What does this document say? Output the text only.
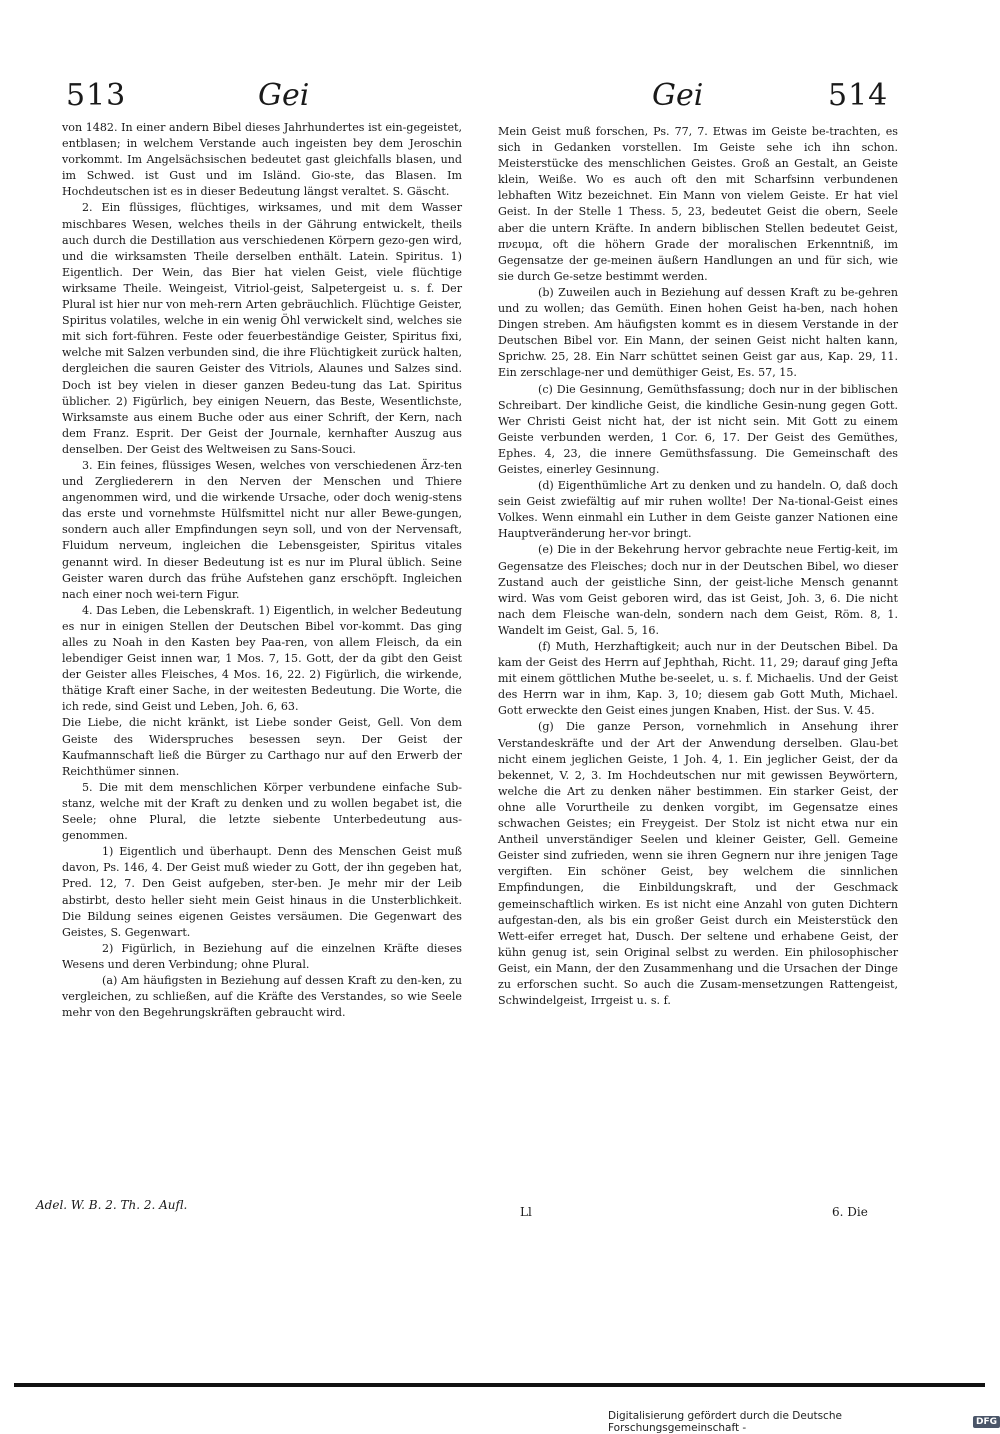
513	Gei	Gei	514

von 1482. In einer andern Bibel dieses Jahrhundertes ist ein-gegeistet, entblasen; in welchem Verstande auch ingeisten bey dem Jeroschin vorkommt. Im Angelsächsischen bedeutet gast gleichfalls blasen, und im Schwed. ist Gust und im Isländ. Gio-ste, das Blasen. Im Hochdeutschen ist es in dieser Bedeutung längst veraltet. S. Gäscht.

2. Ein flüssiges, flüchtiges, wirksames, und mit dem Wasser mischbares Wesen, welches theils in der Gährung entwickelt, theils auch durch die Destillation aus verschiedenen Körpern gezo-gen wird, und die wirksamsten Theile derselben enthält. Latein. Spiritus. 1) Eigentlich. Der Wein, das Bier hat vielen Geist, viele flüchtige wirksame Theile. Weingeist, Vitriol-geist, Salpetergeist u. s. f. Der Plural ist hier nur von meh-rern Arten gebräuchlich. Flüchtige Geister, Spiritus volatiles, welche in ein wenig Öhl verwickelt sind, welches sie mit sich fort-führen. Feste oder feuerbeständige Geister, Spiritus fixi, welche mit Salzen verbunden sind, die ihre Flüchtigkeit zurück halten, dergleichen die sauren Geister des Vitriols, Alaunes und Salzes sind. Doch ist bey vielen in dieser ganzen Bedeu-tung das Lat. Spiritus üblicher. 2) Figürlich, bey einigen Neuern, das Beste, Wesentlichste, Wirksamste aus einem Buche oder aus einer Schrift, der Kern, nach dem Franz. Esprit. Der Geist der Journale, kernhafter Auszug aus denselben. Der Geist des Weltweisen zu Sans-Souci.

3. Ein feines, flüssiges Wesen, welches von verschiedenen Ärz-ten und Zergliederern in den Nerven der Menschen und Thiere angenommen wird, und die wirkende Ursache, oder doch wenig-stens das erste und vornehmste Hülfsmittel nicht nur aller Bewe-gungen, sondern auch aller Empfindungen seyn soll, und von der Nervensaft, Fluidum nerveum, ingleichen die Lebensgeister, Spiritus vitales genannt wird. In dieser Bedeutung ist es nur im Plural üblich. Seine Geister waren durch das frühe Aufstehen ganz erschöpft. Ingleichen nach einer noch wei-tern Figur.

4. Das Leben, die Lebenskraft. 1) Eigentlich, in welcher Bedeutung es nur in einigen Stellen der Deutschen Bibel vor-kommt. Das ging alles zu Noah in den Kasten bey Paa-ren, von allem Fleisch, da ein lebendiger Geist innen war, 1 Mos. 7, 15. Gott, der da gibt den Geist der Geister alles Fleisches, 4 Mos. 16, 22. 2) Figürlich, die wirkende, thätige Kraft einer Sache, in der weitesten Bedeutung. Die Worte, die ich rede, sind Geist und Leben, Joh. 6, 63.

Die Liebe, die nicht kränkt, ist Liebe sonder Geist, Gell. Von dem Geiste des Widerspruches besessen seyn. Der Geist der Kaufmannschaft ließ die Bürger zu Carthago nur auf den Erwerb der Reichthümer sinnen.

5. Die mit dem menschlichen Körper verbundene einfache Sub-stanz, welche mit der Kraft zu denken und zu wollen begabet ist, die Seele; ohne Plural, die letzte siebente Unterbedeutung aus-genommen.

1) Eigentlich und überhaupt. Denn des Menschen Geist muß davon, Ps. 146, 4. Der Geist muß wieder zu Gott, der ihn gegeben hat, Pred. 12, 7. Den Geist aufgeben, ster-ben. Je mehr mir der Leib abstirbt, desto heller sieht mein Geist hinaus in die Unsterblichkeit. Die Bildung seines eigenen Geistes versäumen. Die Gegenwart des Geistes, S. Gegenwart.

2) Figürlich, in Beziehung auf die einzelnen Kräfte dieses Wesens und deren Verbindung; ohne Plural.

(a) Am häufigsten in Beziehung auf dessen Kraft zu den-ken, zu vergleichen, zu schließen, auf die Kräfte des Verstandes, so wie Seele mehr von den Begehrungskräften gebraucht wird.

Mein Geist muß forschen, Ps. 77, 7. Etwas im Geiste be-trachten, es sich in Gedanken vorstellen. Im Geiste sehe ich ihn schon. Meisterstücke des menschlichen Geistes. Groß an Gestalt, an Geiste klein, Weiße. Wo es auch oft den mit Scharfsinn verbundenen lebhaften Witz bezeichnet. Ein Mann von vielem Geiste. Er hat viel Geist. In der Stelle 1 Thess. 5, 23, bedeutet Geist die obern, Seele aber die untern Kräfte. In andern biblischen Stellen bedeutet Geist, πνευμα, oft die höhern Grade der moralischen Erkenntniß, im Gegensatze der ge-meinen äußern Handlungen an und für sich, wie sie durch Ge-setze bestimmt werden.

(b) Zuweilen auch in Beziehung auf dessen Kraft zu be-gehren und zu wollen; das Gemüth. Einen hohen Geist ha-ben, nach hohen Dingen streben. Am häufigsten kommt es in diesem Verstande in der Deutschen Bibel vor. Ein Mann, der seinen Geist nicht halten kann, Sprichw. 25, 28. Ein Narr schüttet seinen Geist gar aus, Kap. 29, 11. Ein zerschlage-ner und demüthiger Geist, Es. 57, 15.

(c) Die Gesinnung, Gemüthsfassung; doch nur in der biblischen Schreibart. Der kindliche Geist, die kindliche Gesin-nung gegen Gott. Wer Christi Geist nicht hat, der ist nicht sein. Mit Gott zu einem Geiste verbunden werden, 1 Cor. 6, 17. Der Geist des Gemüthes, Ephes. 4, 23, die innere Gemüthsfassung. Die Gemeinschaft des Geistes, einerley Gesinnung.

(d) Eigenthümliche Art zu denken und zu handeln. O, daß doch sein Geist zwiefältig auf mir ruhen wollte! Der Na-tional-Geist eines Volkes. Wenn einmahl ein Luther in dem Geiste ganzer Nationen eine Hauptveränderung her-vor bringt.

(e) Die in der Bekehrung hervor gebrachte neue Fertig-keit, im Gegensatze des Fleisches; doch nur in der Deutschen Bibel, wo dieser Zustand auch der geistliche Sinn, der geist-liche Mensch genannt wird. Was vom Geist geboren wird, das ist Geist, Joh. 3, 6. Die nicht nach dem Fleische wan-deln, sondern nach dem Geist, Röm. 8, 1. Wandelt im Geist, Gal. 5, 16.

(f) Muth, Herzhaftigkeit; auch nur in der Deutschen Bibel. Da kam der Geist des Herrn auf Jephthah, Richt. 11, 29; darauf ging Jefta mit einem göttlichen Muthe be-seelet, u. s. f. Michaelis. Und der Geist des Herrn war in ihm, Kap. 3, 10; diesem gab Gott Muth, Michael. Gott erweckte den Geist eines jungen Knaben, Hist. der Sus. V. 45.

(g) Die ganze Person, vornehmlich in Ansehung ihrer Verstandeskräfte und der Art der Anwendung derselben. Glau-bet nicht einem jeglichen Geiste, 1 Joh. 4, 1. Ein jeglicher Geist, der da bekennet, V. 2, 3. Im Hochdeutschen nur mit gewissen Beywörtern, welche die Art zu denken näher bestimmen. Ein starker Geist, der ohne alle Vorurtheile zu denken vorgibt, im Gegensatze eines schwachen Geistes; ein Freygeist. Der Stolz ist nicht etwa nur ein Antheil unverständiger Seelen und kleiner Geister, Gell. Gemeine Geister sind zufrieden, wenn sie ihren Gegnern nur ihre jenigen Tage vergiften. Ein schöner Geist, bey welchem die sinnlichen Empfindungen, die Einbildungskraft, und der Geschmack gemeinschaftlich wirken. Es ist nicht eine Anzahl von guten Dichtern aufgestan-den, als bis ein großer Geist durch ein Meisterstück den Wett-eifer erreget hat, Dusch. Der seltene und erhabene Geist, der kühn genug ist, sein Original selbst zu werden. Ein philosophischer Geist, ein Mann, der den Zusammenhang und die Ursachen der Dinge zu erforschen sucht. So auch die Zusam-mensetzungen Rattengeist, Schwindelgeist, Irrgeist u. s. f.

Adel. W. B. 2. Th. 2. Aufl.	Ll	6. Die
Digitalisierung gefördert durch die Deutsche Forschungsgemeinschaft -	DFG
